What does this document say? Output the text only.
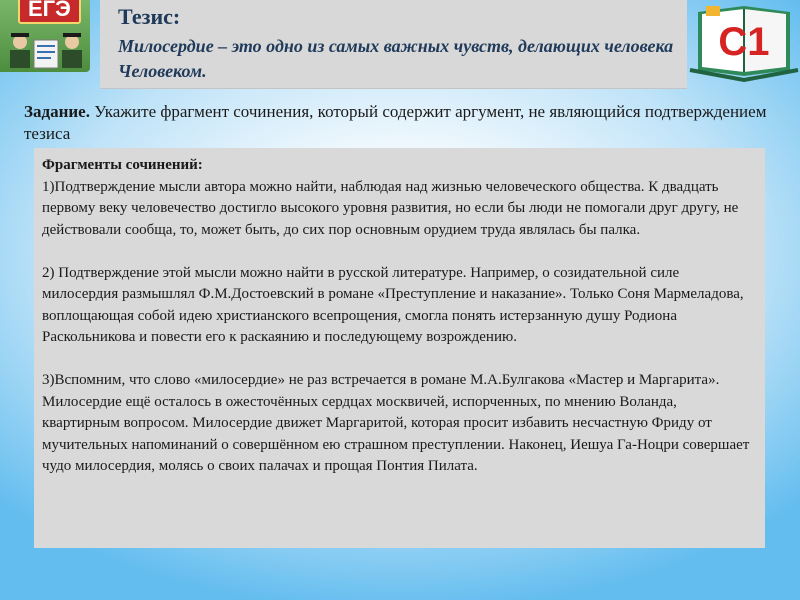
ЕГЭ	Тезис:
Милосердие – это одно из самых важных чувств, делающих человека Человеком.
С1
Задание. Укажите фрагмент сочинения, который содержит аргумент, не являющийся подтверждением тезиса
Фрагменты сочинений:

1)Подтверждение мысли автора можно найти, наблюдая над жизнью человеческого общества. К двадцать первому веку человечество достигло высокого уровня развития, но если бы люди не помогали друг другу, не действовали сообща, то, может быть, до сих пор основным орудием труда являлась бы палка.

2) Подтверждение этой мысли можно найти в русской литературе. Например, о созидательной силе милосердия размышлял Ф.М.Достоевский в романе «Преступление и наказание». Только Соня Мармеладова, воплощающая собой идею христианского всепрощения, смогла понять истерзанную душу Родиона Раскольникова и повести его к раскаянию и последующему возрождению.

3)Вспомним, что слово «милосердие» не раз встречается в романе М.А.Булгакова «Мастер и Маргарита». Милосердие ещё осталось в ожесточённых сердцах москвичей, испорченных, по мнению Воланда, квартирным вопросом. Милосердие движет Маргаритой, которая просит избавить несчастную Фриду от мучительных напоминаний о совершённом ею страшном преступлении. Наконец, Иешуа Га-Ноцри совершает чудо милосердия, молясь о своих палачах и прощая Понтия Пилата.
